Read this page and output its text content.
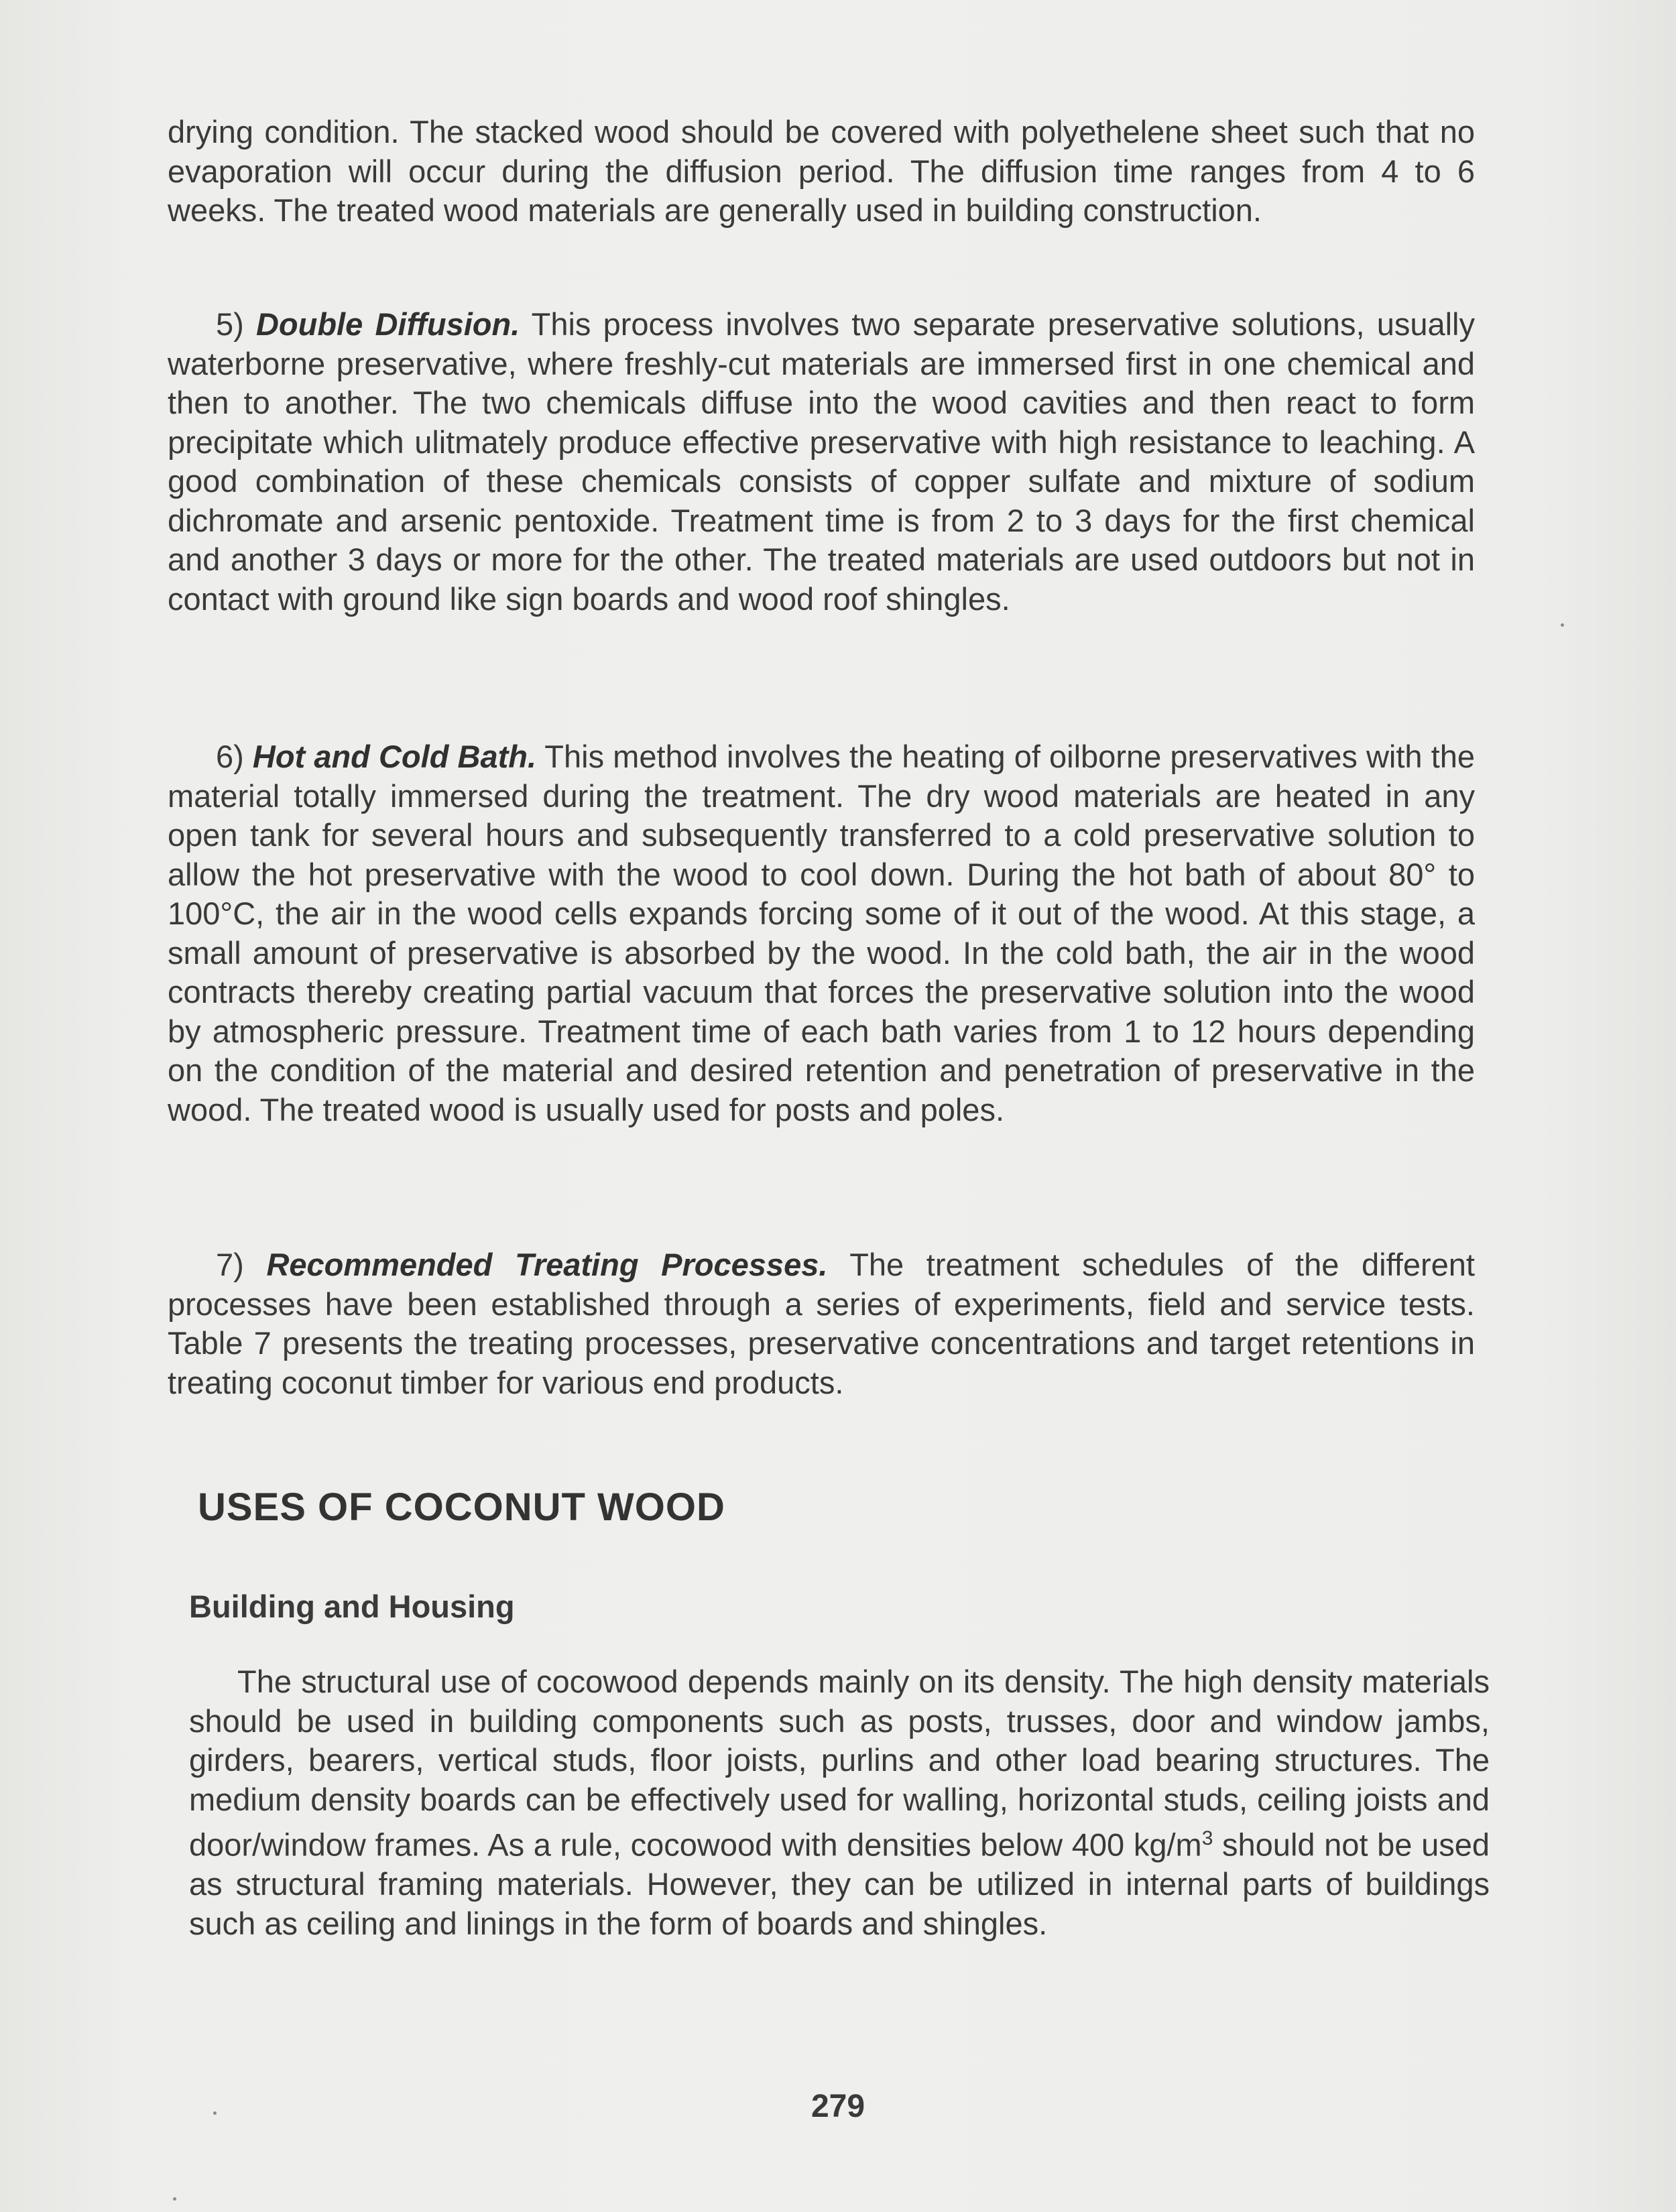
drying condition. The stacked wood should be covered with polyethelene sheet such that no evaporation will occur during the diffusion period. The diffusion time ranges from 4 to 6 weeks. The treated wood materials are generally used in building construction.

5) Double Diffusion. This process involves two separate preservative solutions, usually waterborne preservative, where freshly-cut materials are immersed first in one chemical and then to another. The two chemicals diffuse into the wood cavities and then react to form precipitate which ulitmately produce effective preservative with high resistance to leaching. A good combination of these chemicals consists of copper sulfate and mixture of sodium dichromate and arsenic pentoxide. Treatment time is from 2 to 3 days for the first chemical and another 3 days or more for the other. The treated materials are used outdoors but not in contact with ground like sign boards and wood roof shingles.

6) Hot and Cold Bath. This method involves the heating of oilborne preservatives with the material totally immersed during the treatment. The dry wood materials are heated in any open tank for several hours and subsequently transferred to a cold preservative solution to allow the hot preservative with the wood to cool down. During the hot bath of about 80° to 100°C, the air in the wood cells expands forcing some of it out of the wood. At this stage, a small amount of preservative is absorbed by the wood. In the cold bath, the air in the wood contracts thereby creating partial vacuum that forces the preservative solution into the wood by atmospheric pressure. Treatment time of each bath varies from 1 to 12 hours depending on the condition of the material and desired retention and penetration of preservative in the wood. The treated wood is usually used for posts and poles.

7) Recommended Treating Processes. The treatment schedules of the different processes have been established through a series of experiments, field and service tests. Table 7 presents the treating processes, preservative concentrations and target retentions in treating coconut timber for various end products.

USES OF COCONUT WOOD
Building and Housing

The structural use of cocowood depends mainly on its density. The high density materials should be used in building components such as posts, trusses, door and window jambs, girders, bearers, vertical studs, floor joists, purlins and other load bearing structures. The medium density boards can be effectively used for walling, horizontal studs, ceiling joists and door/window frames. As a rule, cocowood with densities below 400 $kg/m^3$ should not be used as structural framing materials. However, they can be utilized in internal parts of buildings such as ceiling and linings in the form of boards and shingles.

279
